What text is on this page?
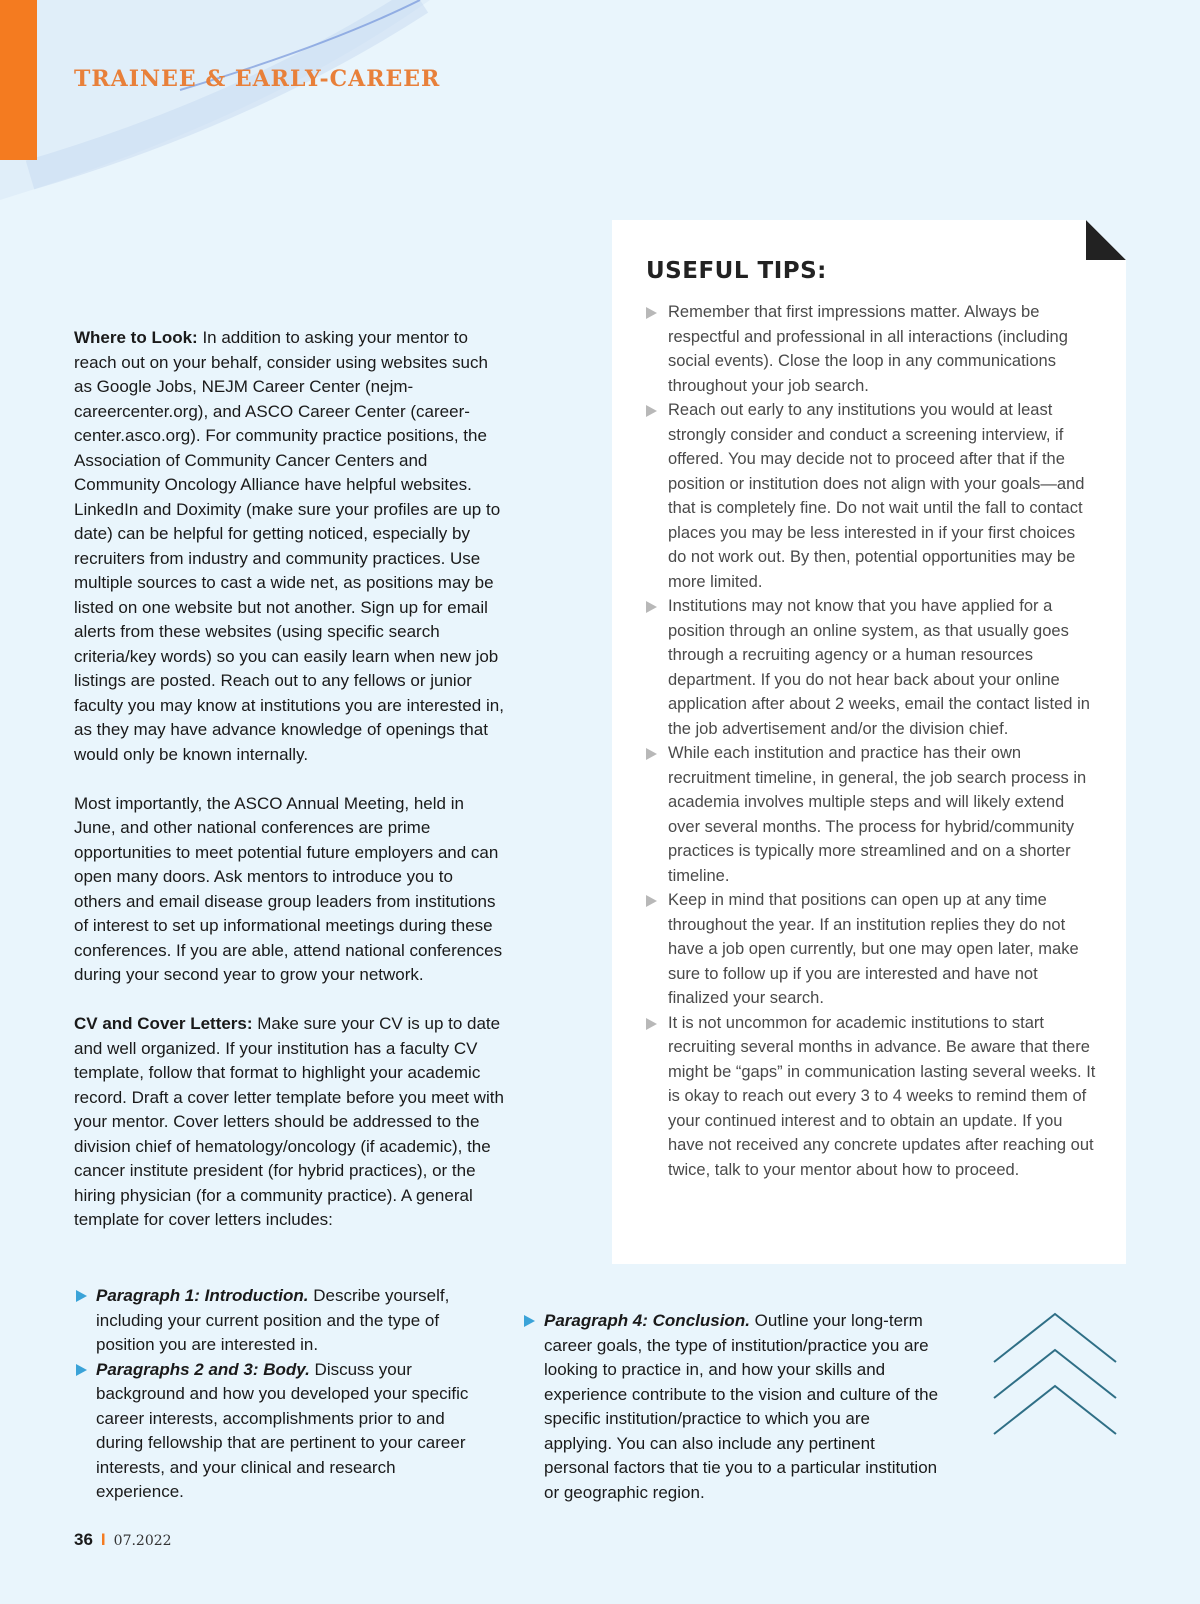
TRAINEE & EARLY-CAREER

Where to Look: In addition to asking your mentor to reach out on your behalf, consider using websites such as Google Jobs, NEJM Career Center (nejm-careercenter.org), and ASCO Career Center (career-center.asco.org). For community practice positions, the Association of Community Cancer Centers and Community Oncology Alliance have helpful websites. LinkedIn and Doximity (make sure your profiles are up to date) can be helpful for getting noticed, especially by recruiters from industry and community practices. Use multiple sources to cast a wide net, as positions may be listed on one website but not another. Sign up for email alerts from these websites (using specific search criteria/key words) so you can easily learn when new job listings are posted. Reach out to any fellows or junior faculty you may know at institutions you are interested in, as they may have advance knowledge of openings that would only be known internally.

Most importantly, the ASCO Annual Meeting, held in June, and other national conferences are prime opportunities to meet potential future employers and can open many doors. Ask mentors to introduce you to others and email disease group leaders from institutions of interest to set up informational meetings during these conferences. If you are able, attend national conferences during your second year to grow your network.

CV and Cover Letters: Make sure your CV is up to date and well organized. If your institution has a faculty CV template, follow that format to highlight your academic record. Draft a cover letter template before you meet with your mentor. Cover letters should be addressed to the division chief of hematology/oncology (if academic), the cancer institute president (for hybrid practices), or the hiring physician (for a community practice). A general template for cover letters includes:

USEFUL TIPS:
Remember that first impressions matter. Always be respectful and professional in all interactions (including social events). Close the loop in any communications throughout your job search.
Reach out early to any institutions you would at least strongly consider and conduct a screening interview, if offered. You may decide not to proceed after that if the position or institution does not align with your goals—and that is completely fine. Do not wait until the fall to contact places you may be less interested in if your first choices do not work out. By then, potential opportunities may be more limited.
Institutions may not know that you have applied for a position through an online system, as that usually goes through a recruiting agency or a human resources department. If you do not hear back about your online application after about 2 weeks, email the contact listed in the job advertisement and/or the division chief.
While each institution and practice has their own recruitment timeline, in general, the job search process in academia involves multiple steps and will likely extend over several months. The process for hybrid/community practices is typically more streamlined and on a shorter timeline.
Keep in mind that positions can open up at any time throughout the year. If an institution replies they do not have a job open currently, but one may open later, make sure to follow up if you are interested and have not finalized your search.
It is not uncommon for academic institutions to start recruiting several months in advance. Be aware that there might be “gaps” in communication lasting several weeks. It is okay to reach out every 3 to 4 weeks to remind them of your continued interest and to obtain an update. If you have not received any concrete updates after reaching out twice, talk to your mentor about how to proceed.
Paragraph 1: Introduction. Describe yourself, including your current position and the type of position you are interested in.
Paragraphs 2 and 3: Body. Discuss your background and how you developed your specific career interests, accomplishments prior to and during fellowship that are pertinent to your career interests, and your clinical and research experience.
Paragraph 4: Conclusion. Outline your long-term career goals, the type of institution/practice you are looking to practice in, and how your skills and experience contribute to the vision and culture of the specific institution/practice to which you are applying. You can also include any pertinent personal factors that tie you to a particular institution or geographic region.
36 I 07.2022
